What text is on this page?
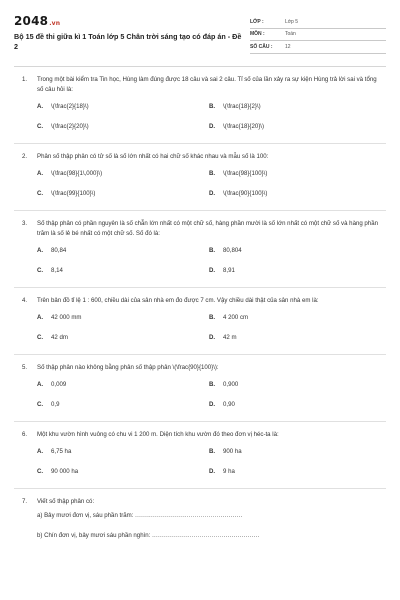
2048.vn
Bộ 15 đề thi giữa kì 1 Toán lớp 5 Chân trời sáng tạo có đáp án - Đề 2
LỚP :	Lớp 5
MÔN :	Toán
SỐ CÂU :	12
1.	Trong một bài kiểm tra Tin học, Hùng làm đúng được 18 câu và sai 2 câu. Tỉ số của lần xảy ra sự kiện Hùng trả lời sai và tổng số câu hỏi là:
A.	\(\frac{2}{18}\)	B.	\(\frac{18}{2}\)
C.	\(\frac{2}{20}\)	D.	\(\frac{18}{20}\)
2.	Phân số thập phân có tử số là số lớn nhất có hai chữ số khác nhau và mẫu số là 100:
A.	\(\frac{98}{1\,000}\)	B.	\(\frac{98}{100}\)
C.	\(\frac{99}{100}\)	D.	\(\frac{90}{100}\)
3.	Số thập phân có phần nguyên là số chẵn lớn nhất có một chữ số, hàng phần mười là số lớn nhất có một chữ số và hàng phần trăm là số lẻ bé nhất có một chữ số. Số đó là:
A.	80,84	B.	80,804
C.	8,14	D.	8,91
4.	Trên bản đồ tỉ lệ 1 : 600, chiều dài của sân nhà em đo được 7 cm. Vậy chiều dài thật của sân nhà em là:
A.	42 000 mm	B.	4 200 cm
C.	42 dm	D.	42 m
5.	Số thập phân nào không bằng phân số thập phân \(\frac{90}{100}\):
A.	0,009	B.	0,900
C.	0,9	D.	0,90
6.	Một khu vườn hình vuông có chu vi 1 200 m. Diện tích khu vườn đó theo đơn vị héc-ta là:
A.	6,75 ha	B.	900 ha
C.	90 000 ha	D.	9 ha
7.	Viết số thập phân có:
a) Bảy mươi đơn vị, sáu phần trăm: ......................................................
b) Chín đơn vị, bảy mươi sáu phần nghìn: ......................................................
